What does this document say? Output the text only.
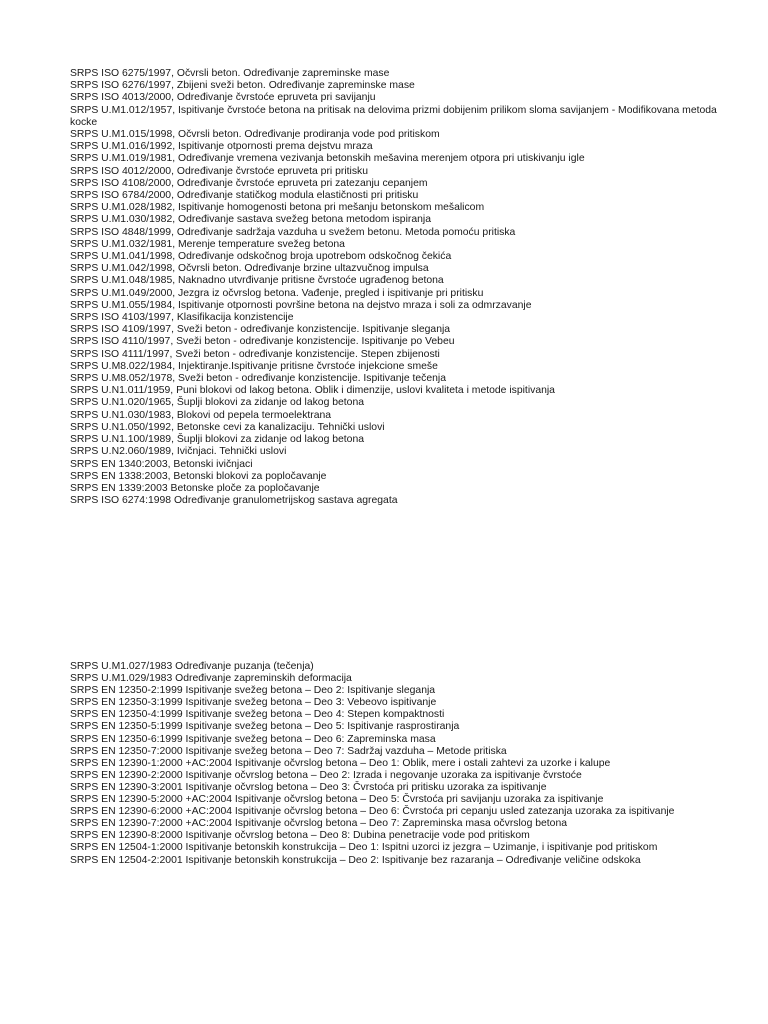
SRPS ISO 6275/1997, Očvrsli beton. Određivanje zapreminske mase

SRPS ISO 6276/1997, Zbijeni sveži beton. Određivanje zapreminske mase

SRPS ISO 4013/2000, Određivanje čvrstoće epruveta pri savijanju

SRPS U.M1.012/1957, Ispitivanje čvrstoće betona na pritisak na delovima prizmi dobijenim prilikom sloma savijanjem - Modifikovana metoda kocke

SRPS U.M1.015/1998, Očvrsli beton. Određivanje prodiranja vode pod pritiskom

SRPS U.M1.016/1992, Ispitivanje otpornosti prema dejstvu mraza

SRPS U.M1.019/1981, Određivanje vremena vezivanja betonskih mešavina merenjem otpora pri utiskivanju igle

SRPS ISO 4012/2000, Određivanje čvrstoće epruveta pri pritisku

SRPS ISO 4108/2000, Određivanje čvrstoće epruveta pri zatezanju cepanjem

SRPS ISO 6784/2000, Određivanje statičkog modula elastičnosti pri pritisku

SRPS U.M1.028/1982, Ispitivanje homogenosti betona pri mešanju betonskom mešalicom

SRPS U.M1.030/1982, Određivanje sastava svežeg betona metodom ispiranja

SRPS ISO 4848/1999, Određivanje sadržaja vazduha u svežem betonu. Metoda pomoću pritiska

SRPS U.M1.032/1981, Merenje temperature svežeg betona

SRPS U.M1.041/1998, Određivanje odskočnog broja upotrebom odskočnog čekića

SRPS U.M1.042/1998, Očvrsli beton. Određivanje brzine ultazvučnog impulsa

SRPS U.M1.048/1985, Naknadno utvrđivanje pritisne čvrstoće ugrađenog betona

SRPS U.M1.049/2000, Jezgra iz očvrslog betona. Vađenje, pregled i ispitivanje pri pritisku

SRPS U.M1.055/1984, Ispitivanje otpornosti površine betona na dejstvo mraza i soli za odmrzavanje

SRPS ISO 4103/1997, Klasifikacija konzistencije

SRPS ISO 4109/1997, Sveži beton - određivanje konzistencije. Ispitivanje sleganja

SRPS ISO 4110/1997, Sveži beton - određivanje konzistencije. Ispitivanje po Vebeu

SRPS ISO 4111/1997, Sveži beton - određivanje konzistencije. Stepen zbijenosti

SRPS U.M8.022/1984, Injektiranje.Ispitivanje pritisne čvrstoće injekcione smeše

SRPS U.M8.052/1978, Sveži beton - određivanje konzistencije. Ispitivanje tečenja

SRPS U.N1.011/1959, Puni blokovi od lakog betona. Oblik i dimenzije, uslovi kvaliteta i metode ispitivanja

SRPS U.N1.020/1965, Šuplji blokovi za zidanje od lakog betona

SRPS U.N1.030/1983, Blokovi od pepela termoelektrana

SRPS U.N1.050/1992, Betonske cevi za kanalizaciju. Tehnički uslovi

SRPS U.N1.100/1989, Šuplji blokovi za zidanje od lakog betona

SRPS U.N2.060/1989, Ivičnjaci. Tehnički uslovi

SRPS EN 1340:2003, Betonski ivičnjaci

SRPS EN 1338:2003, Betonski blokovi za popločavanje

SRPS EN 1339:2003 Betonske ploče za popločavanje

SRPS ISO 6274:1998 Određivanje granulometrijskog sastava agregata

SRPS U.M1.027/1983 Određivanje puzanja (tečenja)

SRPS U.M1.029/1983 Određivanje zapreminskih deformacija

SRPS EN 12350-2:1999 Ispitivanje svežeg betona – Deo 2: Ispitivanje sleganja

SRPS EN 12350-3:1999 Ispitivanje svežeg betona – Deo 3: Vebeovo ispitivanje

SRPS EN 12350-4:1999 Ispitivanje svežeg betona – Deo 4: Stepen kompaktnosti

SRPS EN 12350-5:1999 Ispitivanje svežeg betona – Deo 5: Ispitivanje rasprostiranja

SRPS EN 12350-6:1999 Ispitivanje svežeg betona – Deo 6: Zapreminska masa

SRPS EN 12350-7:2000 Ispitivanje svežeg betona – Deo 7: Sadržaj vazduha – Metode pritiska

SRPS EN 12390-1:2000 +AC:2004 Ispitivanje očvrslog betona – Deo 1: Oblik, mere i ostali zahtevi za uzorke i kalupe

SRPS EN 12390-2:2000 Ispitivanje očvrslog betona – Deo 2: Izrada i negovanje uzoraka za ispitivanje čvrstoće

SRPS EN 12390-3:2001 Ispitivanje očvrslog betona – Deo 3: Čvrstoća pri pritisku uzoraka za ispitivanje

SRPS EN 12390-5:2000 +AC:2004 Ispitivanje očvrslog betona – Deo 5: Čvrstoća pri savijanju uzoraka za ispitivanje

SRPS EN 12390-6:2000 +AC:2004 Ispitivanje očvrslog betona – Deo 6: Čvrstoća pri cepanju usled zatezanja uzoraka za ispitivanje

SRPS EN 12390-7:2000 +AC:2004 Ispitivanje očvrslog betona – Deo 7: Zapreminska masa očvrslog betona

SRPS EN 12390-8:2000 Ispitivanje očvrslog betona – Deo 8: Dubina penetracije vode pod pritiskom

SRPS EN 12504-1:2000 Ispitivanje betonskih konstrukcija – Deo 1: Ispitni uzorci iz jezgra – Uzimanje, i ispitivanje pod pritiskom

SRPS EN 12504-2:2001 Ispitivanje betonskih konstrukcija – Deo 2: Ispitivanje bez razaranja – Određivanje veličine odskoka
